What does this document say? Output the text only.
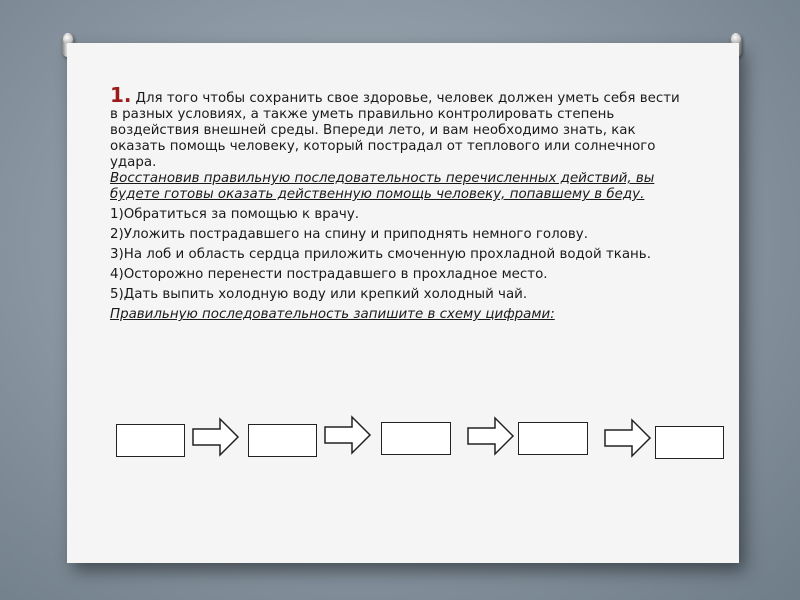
1. Для того чтобы сохранить свое здоровье, человек должен уметь себя вести в разных условиях, а также уметь правильно контролировать степень воздействия внешней среды. Впереди лето, и вам необходимо знать, как оказать помощь человеку, который пострадал от теплового или солнечного удара.

Восстановив правильную последовательность перечисленных действий, вы будете готовы оказать действенную помощь человеку, попавшему в беду.

1)Обратиться за помощью к врачу.

2)Уложить пострадавшего на спину и приподнять немного голову.

3)На лоб и область сердца приложить смоченную прохладной водой ткань.

4)Осторожно перенести пострадавшего в прохладное место.

5)Дать выпить холодную воду или крепкий холодный чай.

Правильную последовательность запишите в схему цифрами:
